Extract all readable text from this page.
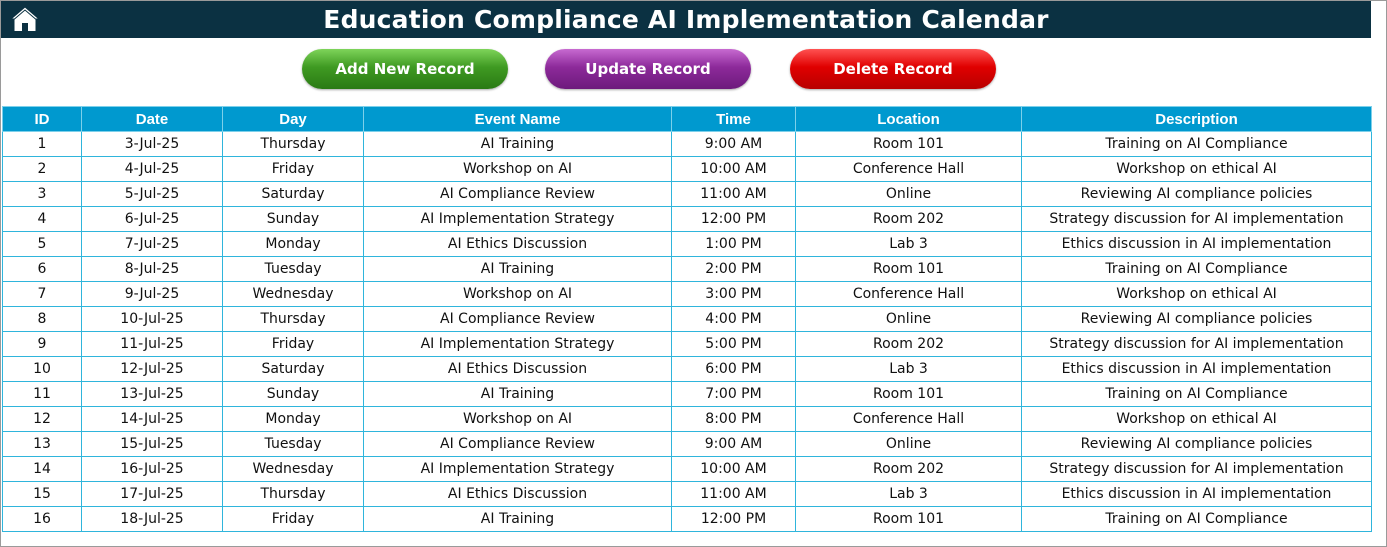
Education Compliance AI Implementation Calendar
Add New Record	Update Record	Delete Record
ID	Date	Day	Event Name	Time	Location	Description
1	3-Jul-25	Thursday	AI Training	9:00 AM	Room 101	Training on AI Compliance
2	4-Jul-25	Friday	Workshop on AI	10:00 AM	Conference Hall	Workshop on ethical AI
3	5-Jul-25	Saturday	AI Compliance Review	11:00 AM	Online	Reviewing AI compliance policies
4	6-Jul-25	Sunday	AI Implementation Strategy	12:00 PM	Room 202	Strategy discussion for AI implementation
5	7-Jul-25	Monday	AI Ethics Discussion	1:00 PM	Lab 3	Ethics discussion in AI implementation
6	8-Jul-25	Tuesday	AI Training	2:00 PM	Room 101	Training on AI Compliance
7	9-Jul-25	Wednesday	Workshop on AI	3:00 PM	Conference Hall	Workshop on ethical AI
8	10-Jul-25	Thursday	AI Compliance Review	4:00 PM	Online	Reviewing AI compliance policies
9	11-Jul-25	Friday	AI Implementation Strategy	5:00 PM	Room 202	Strategy discussion for AI implementation
10	12-Jul-25	Saturday	AI Ethics Discussion	6:00 PM	Lab 3	Ethics discussion in AI implementation
11	13-Jul-25	Sunday	AI Training	7:00 PM	Room 101	Training on AI Compliance
12	14-Jul-25	Monday	Workshop on AI	8:00 PM	Conference Hall	Workshop on ethical AI
13	15-Jul-25	Tuesday	AI Compliance Review	9:00 AM	Online	Reviewing AI compliance policies
14	16-Jul-25	Wednesday	AI Implementation Strategy	10:00 AM	Room 202	Strategy discussion for AI implementation
15	17-Jul-25	Thursday	AI Ethics Discussion	11:00 AM	Lab 3	Ethics discussion in AI implementation
16	18-Jul-25	Friday	AI Training	12:00 PM	Room 101	Training on AI Compliance
